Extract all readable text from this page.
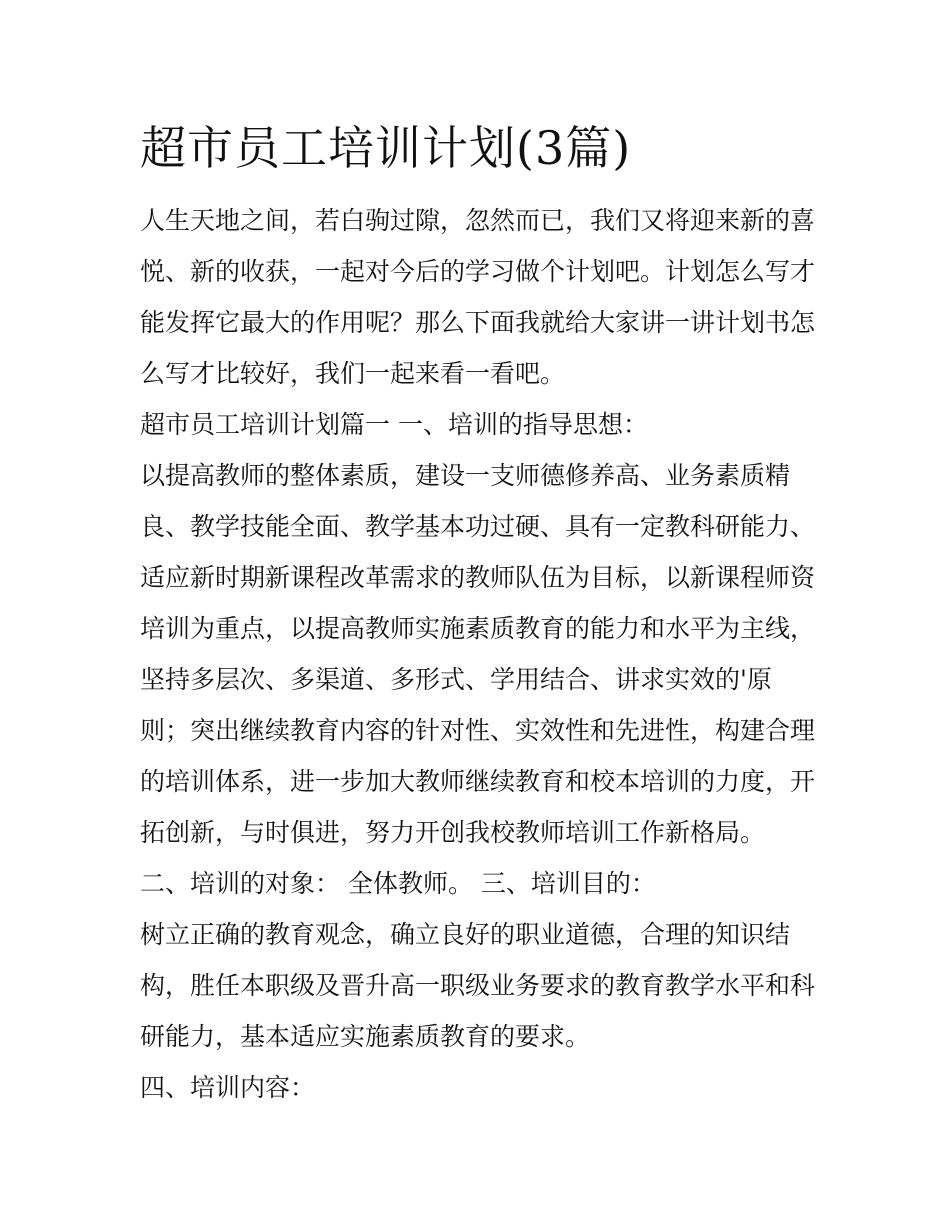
超市员工培训计划(3篇)

人生天地之间，若白驹过隙，忽然而已，我们又将迎来新的喜

悦、新的收获，一起对今后的学习做个计划吧。计划怎么写才

能发挥它最大的作用呢？那么下面我就给大家讲一讲计划书怎

么写才比较好，我们一起来看一看吧。

超市员工培训计划篇一 一、培训的指导思想：

以提高教师的整体素质，建设一支师德修养高、业务素质精

良、教学技能全面、教学基本功过硬、具有一定教科研能力、

适应新时期新课程改革需求的教师队伍为目标，以新课程师资

培训为重点，以提高教师实施素质教育的能力和水平为主线，

坚持多层次、多渠道、多形式、学用结合、讲求实效的'原

则；突出继续教育内容的针对性、实效性和先进性，构建合理

的培训体系，进一步加大教师继续教育和校本培训的力度，开

拓创新，与时俱进，努力开创我校教师培训工作新格局。

二、培训的对象： 全体教师。 三、培训目的：

树立正确的教育观念，确立良好的职业道德，合理的知识结

构，胜任本职级及晋升高一职级业务要求的教育教学水平和科

研能力，基本适应实施素质教育的要求。

四、培训内容：
